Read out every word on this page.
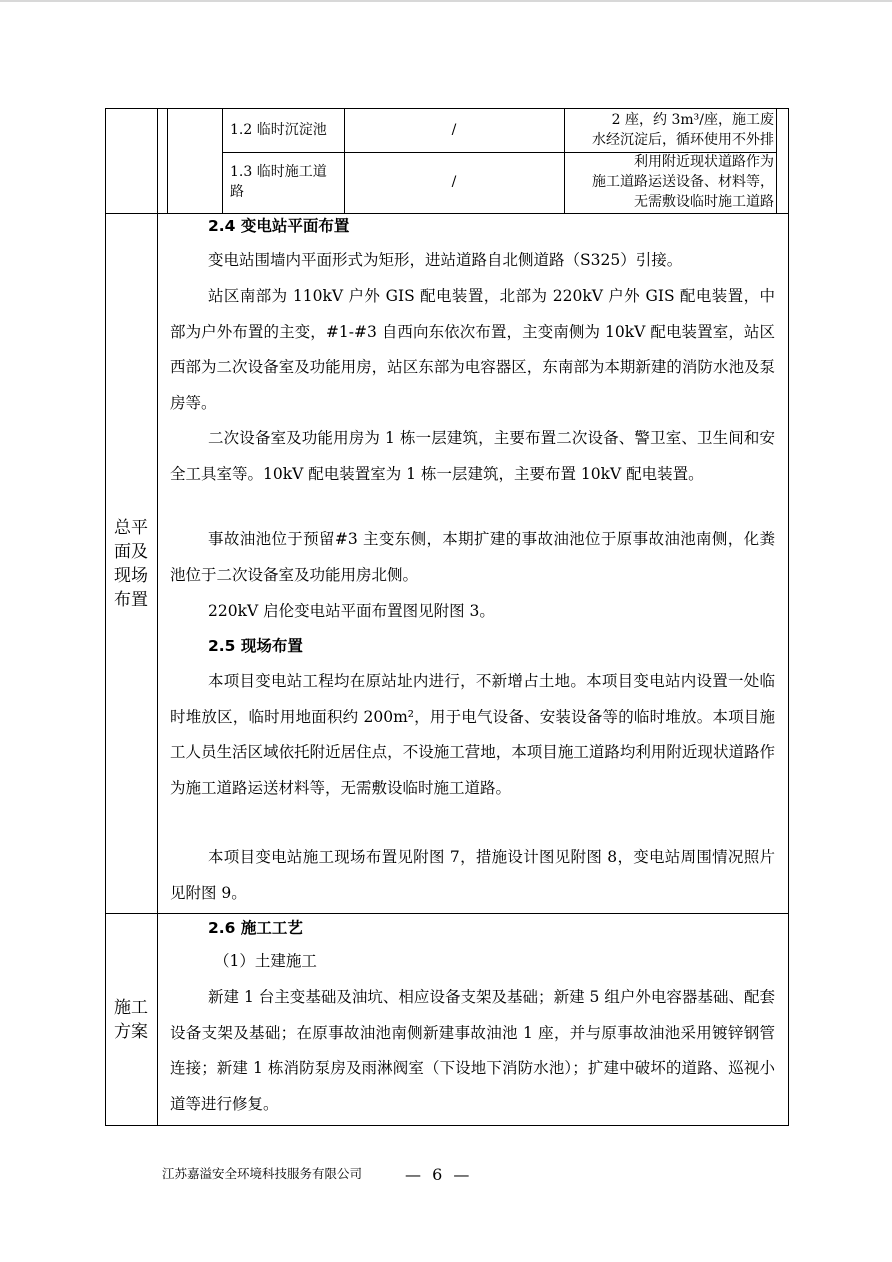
1.2 临时沉淀池	/
2 座，约 3m³/座，施工废
水经沉淀后，循环使用不外排
1.3 临时施工道
路
/
利用附近现状道路作为
施工道路运送设备、材料等，
无需敷设临时施工道路
总平
面及
现场
布置
2.4 变电站平面布置
变电站围墙内平面形式为矩形，进站道路自北侧道路（S325）引接。
站区南部为 110kV 户外 GIS 配电装置，北部为 220kV 户外 GIS 配电装置，中部为户外布置的主变，#1-#3 自西向东依次布置，主变南侧为 10kV 配电装置室，站区西部为二次设备室及功能用房，站区东部为电容器区，东南部为本期新建的消防水池及泵房等。
二次设备室及功能用房为 1 栋一层建筑，主要布置二次设备、警卫室、卫生间和安全工具室等。10kV 配电装置室为 1 栋一层建筑，主要布置 10kV 配电装置。
事故油池位于预留#3 主变东侧，本期扩建的事故油池位于原事故油池南侧，化粪池位于二次设备室及功能用房北侧。
220kV 启伦变电站平面布置图见附图 3。
2.5 现场布置
本项目变电站工程均在原站址内进行，不新增占土地。本项目变电站内设置一处临时堆放区，临时用地面积约 200m²，用于电气设备、安装设备等的临时堆放。本项目施工人员生活区域依托附近居住点，不设施工营地，本项目施工道路均利用附近现状道路作为施工道路运送材料等，无需敷设临时施工道路。
本项目变电站施工现场布置见附图 7，措施设计图见附图 8，变电站周围情况照片见附图 9。
施工
方案
2.6 施工工艺
（1）土建施工
新建 1 台主变基础及油坑、相应设备支架及基础；新建 5 组户外电容器基础、配套设备支架及基础；在原事故油池南侧新建事故油池 1 座，并与原事故油池采用镀锌钢管连接；新建 1 栋消防泵房及雨淋阀室（下设地下消防水池）；扩建中破坏的道路、巡视小道等进行修复。
江苏嘉溢安全环境科技服务有限公司	— 6 —
